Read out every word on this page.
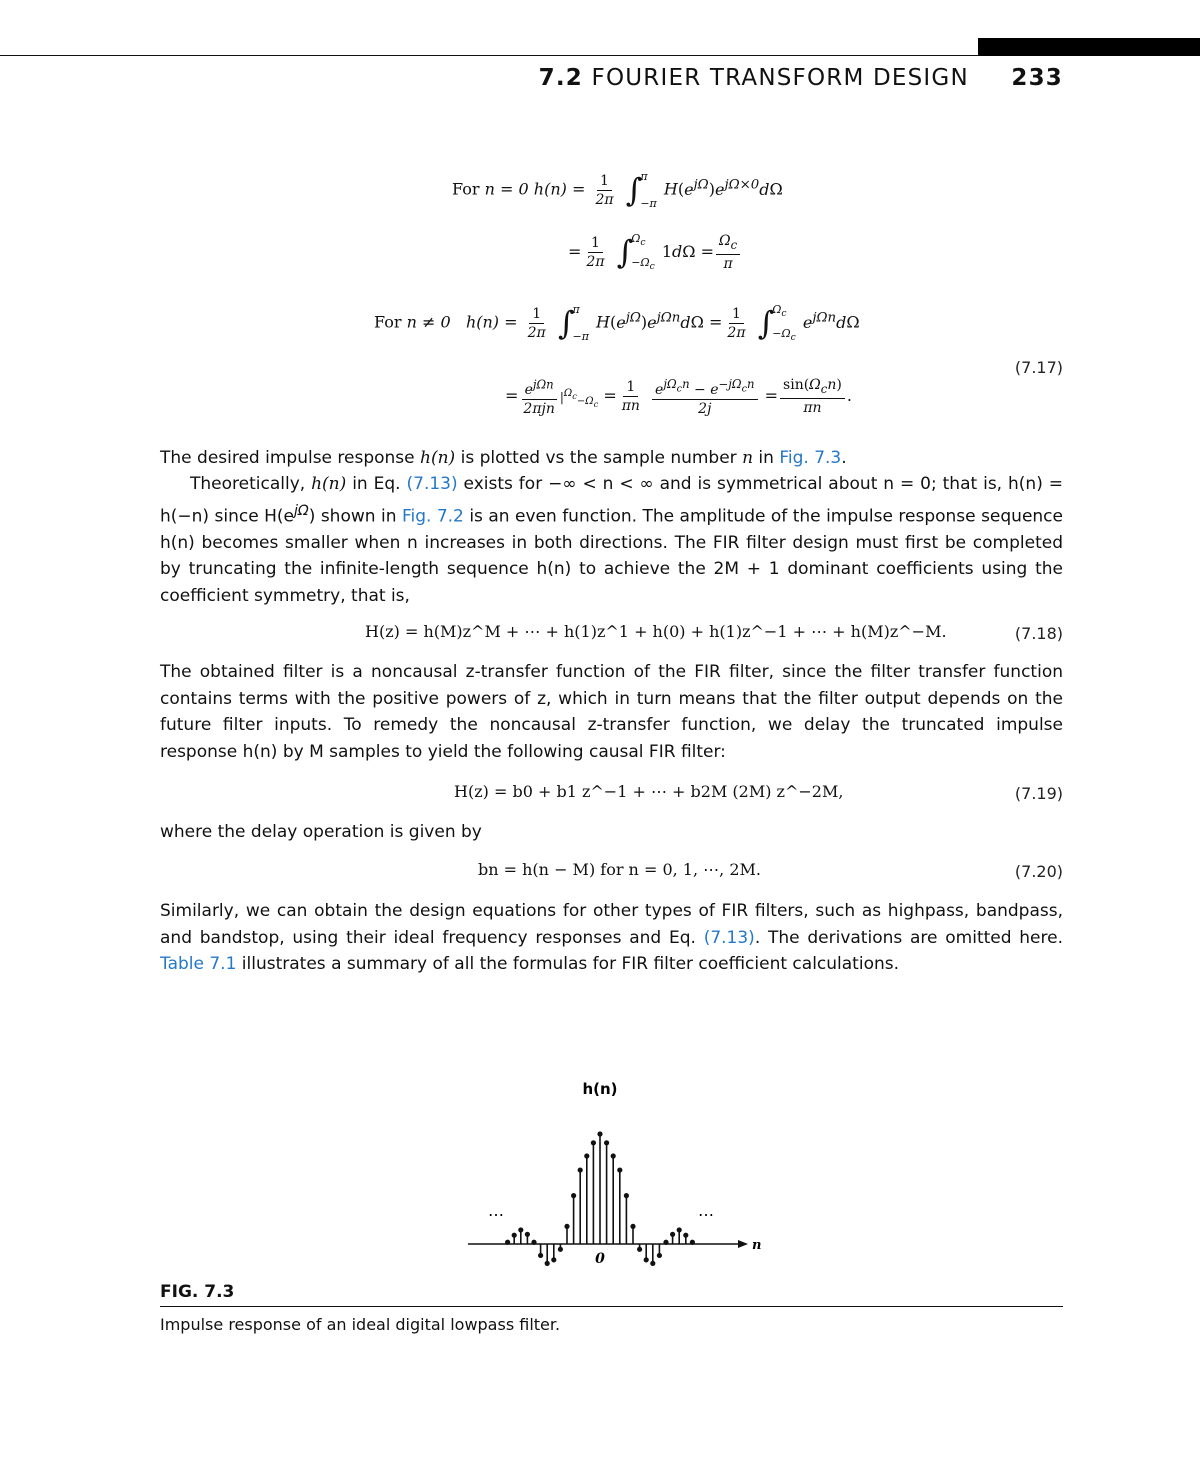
7.2 FOURIER TRANSFORM DESIGN 233
For n = 0 $h(n) = \frac{1}{2\pi}$
∫
π
−π
$H(e^{j\Omega})e^{j\Omega\times 0}d\Omega$
= $\frac{1}{2\pi}$
∫
$\Omega_c$
$-\Omega_c$
$1d\Omega = \frac{\Omega_c}{\pi}$
For n ≠ 0 $h(n) = \frac{1}{2\pi}$
∫
π
−π
$H(e^{j\Omega})e^{j\Omega n}d\Omega = \frac{1}{2\pi}$
∫
$\Omega_c$
$-\Omega_c$
$e^{j\Omega n}d\Omega$
(7.17)
= $\frac{e^{j\Omega n}}{\text{2πjn}} |^{\Omega_c}_{-\Omega_c} = \frac{1}{\pi n}$
$\frac{e^{j\Omega_cn} - e^{-j\Omega_cn}}{2j} = \frac{\sin(\Omega_cn)}{\pi n}$ .

The desired impulse response h(n) is plotted vs the sample number n in Fig. 7.3.

Theoretically, h(n) in Eq. (7.13) exists for −∞ < n < ∞ and is symmetrical about n = 0; that is, h(n) = h(−n) since $H(e^{j\Omega})$ shown in Fig. 7.2 is an even function. The amplitude of the impulse response sequence h(n) becomes smaller when n increases in both directions. The FIR filter design must first be completed by truncating the infinite-length sequence h(n) to achieve the 2M + 1 dominant coefficients using the coefficient symmetry, that is,

H(z) = h(M)z^M + ⋯ + h(1)z^1 + h(0) + h(1)z^−1 + ⋯ + h(M)z^−M.	(7.18)

The obtained filter is a noncausal z-transfer function of the FIR filter, since the filter transfer function contains terms with the positive powers of z, which in turn means that the filter output depends on the future filter inputs. To remedy the noncausal z-transfer function, we delay the truncated impulse response h(n) by M samples to yield the following causal FIR filter:

H(z) = b0 + b1 z^−1 + ⋯ + b2M (2M) z^−2M,	(7.19)

where the delay operation is given by

bn = h(n − M) for n = 0, 1, ⋯, 2M.	(7.20)

Similarly, we can obtain the design equations for other types of FIR filters, such as highpass, bandpass, and bandstop, using their ideal frequency responses and Eq. (7.13). The derivations are omitted here. Table 7.1 illustrates a summary of all the formulas for FIR filter coefficient calculations.

h(n)
n
0
…	…
FIG. 7.3
Impulse response of an ideal digital lowpass filter.
